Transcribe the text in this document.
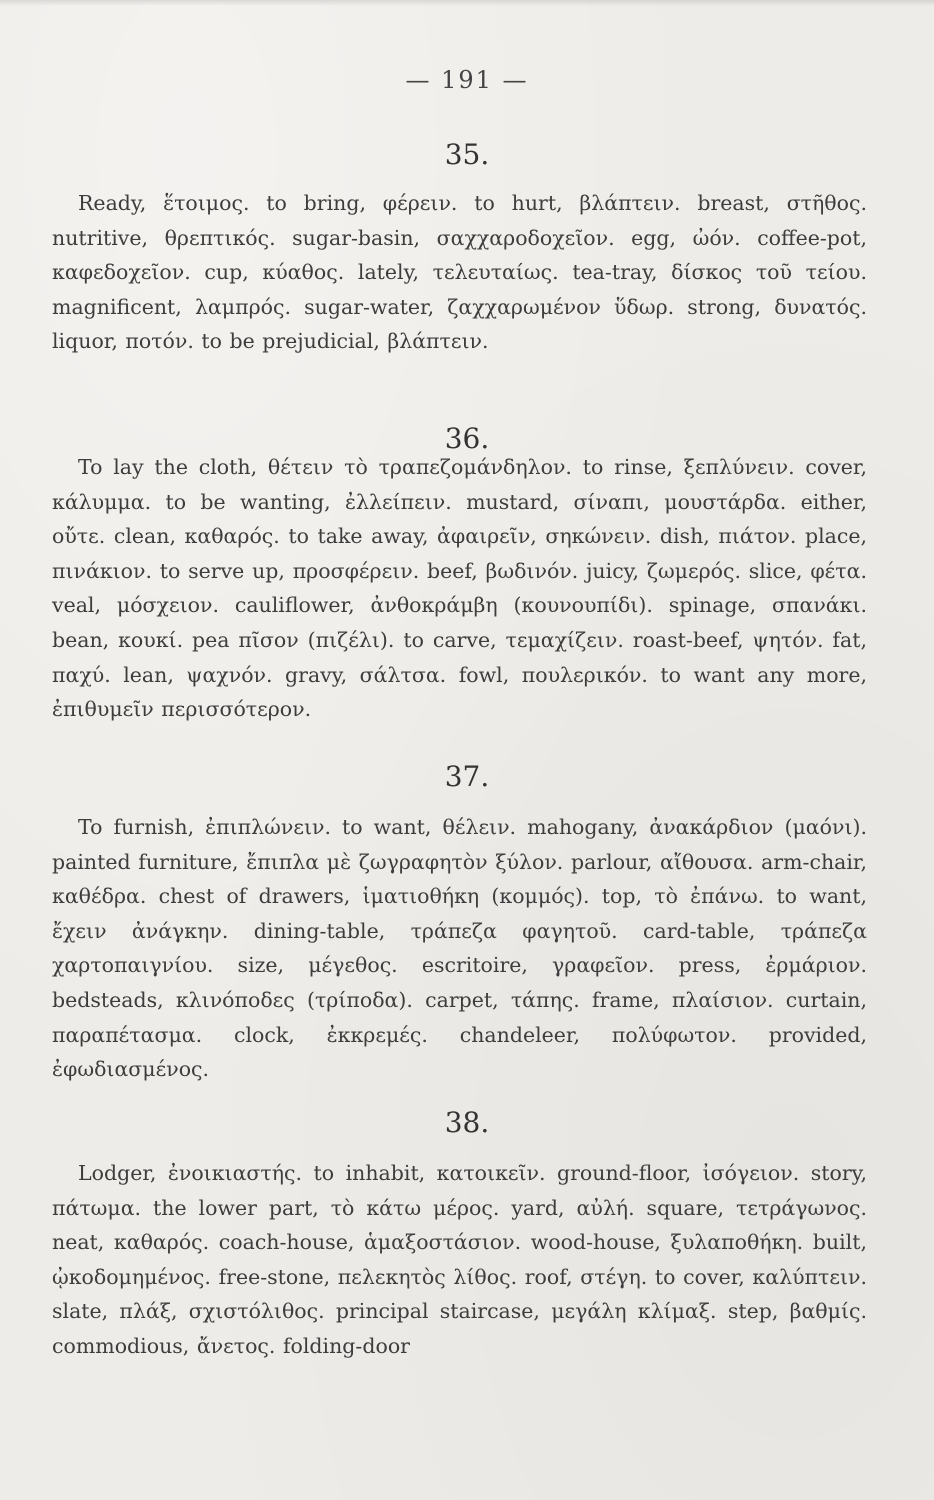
— 191 —
35.
Ready, ἕτοιμος. to bring, φέρειν. to hurt, βλάπτειν. breast, στῆθος. nutritive, θρεπτικός. sugar-basin, σαχχαροδοχεῖον. egg, ὠόν. coffee-pot, καφεδοχεῖον. cup, κύαθος. lately, τελευταίως. tea-tray, δίσκος τοῦ τείου. magnificent, λαμπρός. sugar-water, ζαχχαρωμένον ὕδωρ. strong, δυνατός. liquor, ποτόν. to be prejudicial, βλάπτειν.
36.
To lay the cloth, θέτειν τὸ τραπεζομάνδηλον. to rinse, ξεπλύνειν. cover, κάλυμμα. to be wanting, ἐλλείπειν. mustard, σίναπι, μουστάρδα. either, οὔτε. clean, καθαρός. to take away, ἀφαιρεῖν, σηκώνειν. dish, πιάτον. place, πινάκιον. to serve up, προσφέρειν. beef, βωδινόν. juicy, ζωμερός. slice, φέτα. veal, μόσχειον. cauliflower, ἀνθοκράμβη (κουνουπίδι). spinage, σπανάκι. bean, κουκί. pea πῖσον (πιζέλι). to carve, τεμαχίζειν. roast-beef, ψητόν. fat, παχύ. lean, ψαχνόν. gravy, σάλτσα. fowl, πουλερικόν. to want any more, ἐπιθυμεῖν περισσότερον.
37.
To furnish, ἐπιπλώνειν. to want, θέλειν. mahogany, ἀνακάρδιον (μαόνι). painted furniture, ἔπιπλα μὲ ζωγραφητὸν ξύλον. parlour, αἴθουσα. arm-chair, καθέδρα. chest of drawers, ἱματιοθήκη (κομμός). top, τὸ ἐπάνω. to want, ἔχειν ἀνάγκην. dining-table, τράπεζα φαγητοῦ. card-table, τράπεζα χαρτοπαιγνίου. size, μέγεθος. escritoire, γραφεῖον. press, ἐρμάριον. bedsteads, κλινόποδες (τρίποδα). carpet, τάπης. frame, πλαίσιον. curtain, παραπέτασμα. clock, ἐκκρεμές. chandeleer, πολύφωτον. provided, ἐφωδιασμένος.
38.
Lodger, ἐνοικιαστής. to inhabit, κατοικεῖν. ground-floor, ἰσόγειον. story, πάτωμα. the lower part, τὸ κάτω μέρος. yard, αὐλή. square, τετράγωνος. neat, καθαρός. coach-house, ἁμαξοστάσιον. wood-house, ξυλαποθήκη. built, ᾠκοδομημένος. free-stone, πελεκητὸς λίθος. roof, στέγη. to cover, καλύπτειν. slate, πλάξ, σχιστόλιθος. principal staircase, μεγάλη κλίμαξ. step, βαθμίς. commodious, ἄνετος. folding-door
